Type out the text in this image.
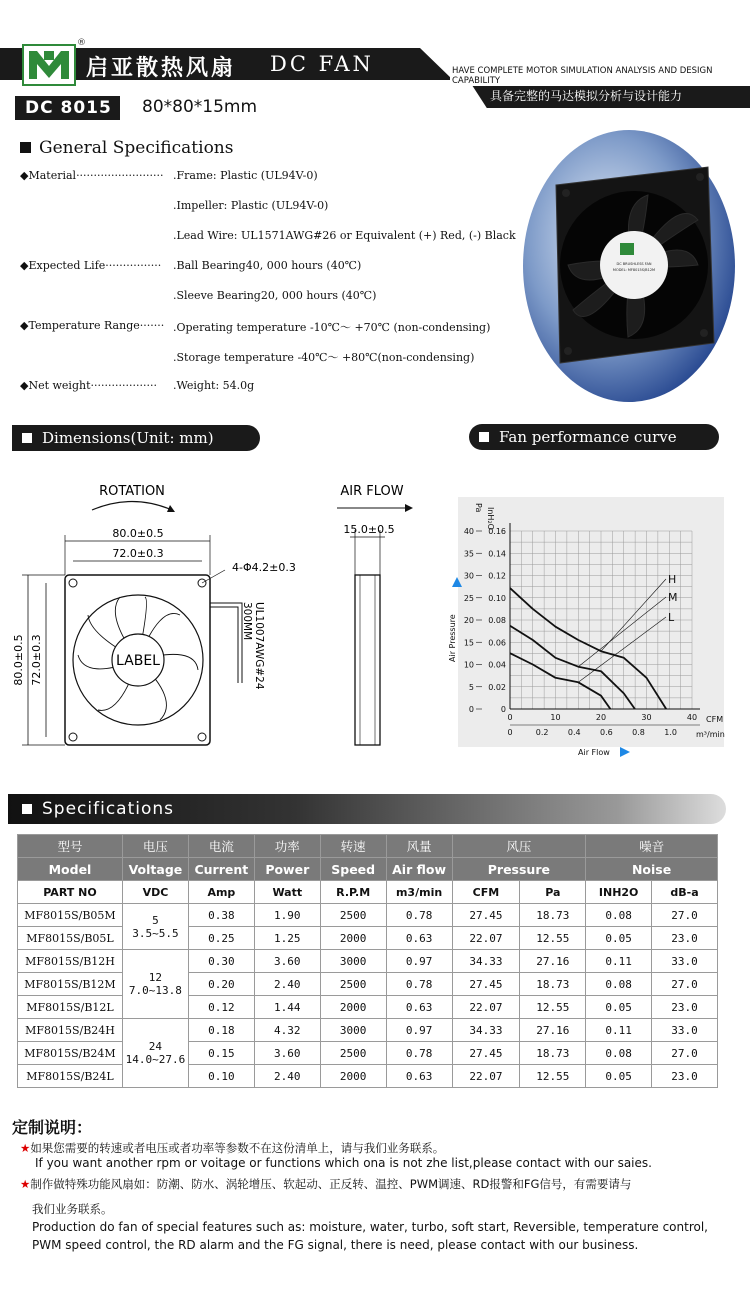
®
启亚散热风扇 DC FAN	HAVE COMPLETE MOTOR SIMULATION ANALYSIS AND DESIGN CAPABILITY
具备完整的马达模拟分析与设计能力
DC 8015	80*80*15mm
General Specifications
◆Material························· .Frame: Plastic (UL94V-0)
.Impeller: Plastic (UL94V-0)
.Lead Wire: UL1571AWG#26 or Equivalent (+) Red, (-) Black
◆Expected Life················ .Ball Bearing40, 000 hours (40℃)
.Sleeve Bearing20, 000 hours (40℃)
◆Temperature Range······· .Operating temperature -10℃～ +70℃ (non-condensing)
.Storage temperature -40℃～ +80℃(non-condensing)
◆Net weight··················· .Weight: 54.0g
DC BRUSHLESS FAN
MODEL: MF8015S/B12M
Dimensions(Unit: mm)	Fan performance curve
ROTATION	AIR FLOW
80.0±0.5
72.0±0.3
LABEL
4-Φ4.2±0.3
UL1007AWG#24
300MM
80.0±0.5 72.0±0.3
15.0±0.5
0
5
10
15
20
25
30
35
40
0
0.02
0.04
0.06
0.08
0.10
0.12
0.14
0.16
0	10	20	30	40
0	0.2 0.4 0.6 0.8 1.0
H
M
L
Pa InH₂O
CFM
m³/min
Air Pressure
Air Flow
Specifications
型号	电压	电流	功率	转速	风量	风压		噪音	
Model	Voltage	Current	Power	Speed	Air flow	Pressure		Noise	
PART NO	VDC	Amp	Watt	R.P.M	m3/min	CFM	Pa	INH2O	dB-a
MF8015S/B05M	5
3.5~5.5	0.38	1.90	2500	0.78	27.45	18.73	0.08	27.0
MF8015S/B05L		0.25	1.25	2000	0.63	22.07	12.55	0.05	23.0
MF8015S/B12H	12
7.0~13.8	0.30	3.60	3000	0.97	34.33	27.16	0.11	33.0
MF8015S/B12M		0.20	2.40	2500	0.78	27.45	18.73	0.08	27.0
MF8015S/B12L		0.12	1.44	2000	0.63	22.07	12.55	0.05	23.0
MF8015S/B24H	24
14.0~27.6	0.18	4.32	3000	0.97	34.33	27.16	0.11	33.0
MF8015S/B24M		0.15	3.60	2500	0.78	27.45	18.73	0.08	27.0
MF8015S/B24L		0.10	2.40	2000	0.63	22.07	12.55	0.05	23.0
定制说明：
★如果您需要的转速或者电压或者功率等参数不在这份清单上，请与我们业务联系。
If you want another rpm or voitage or functions which ona is not zhe list,please contact with our saies.
★制作做特殊功能风扇如：防潮、防水、涡轮增压、软起动、正反转、温控、PWM调速、RD报警和FG信号，有需要请与
我们业务联系。
Production do fan of special features such as: moisture, water, turbo, soft start, Reversible, temperature control, PWM speed control, the RD alarm and the FG signal, there is need, please contact with our business.
